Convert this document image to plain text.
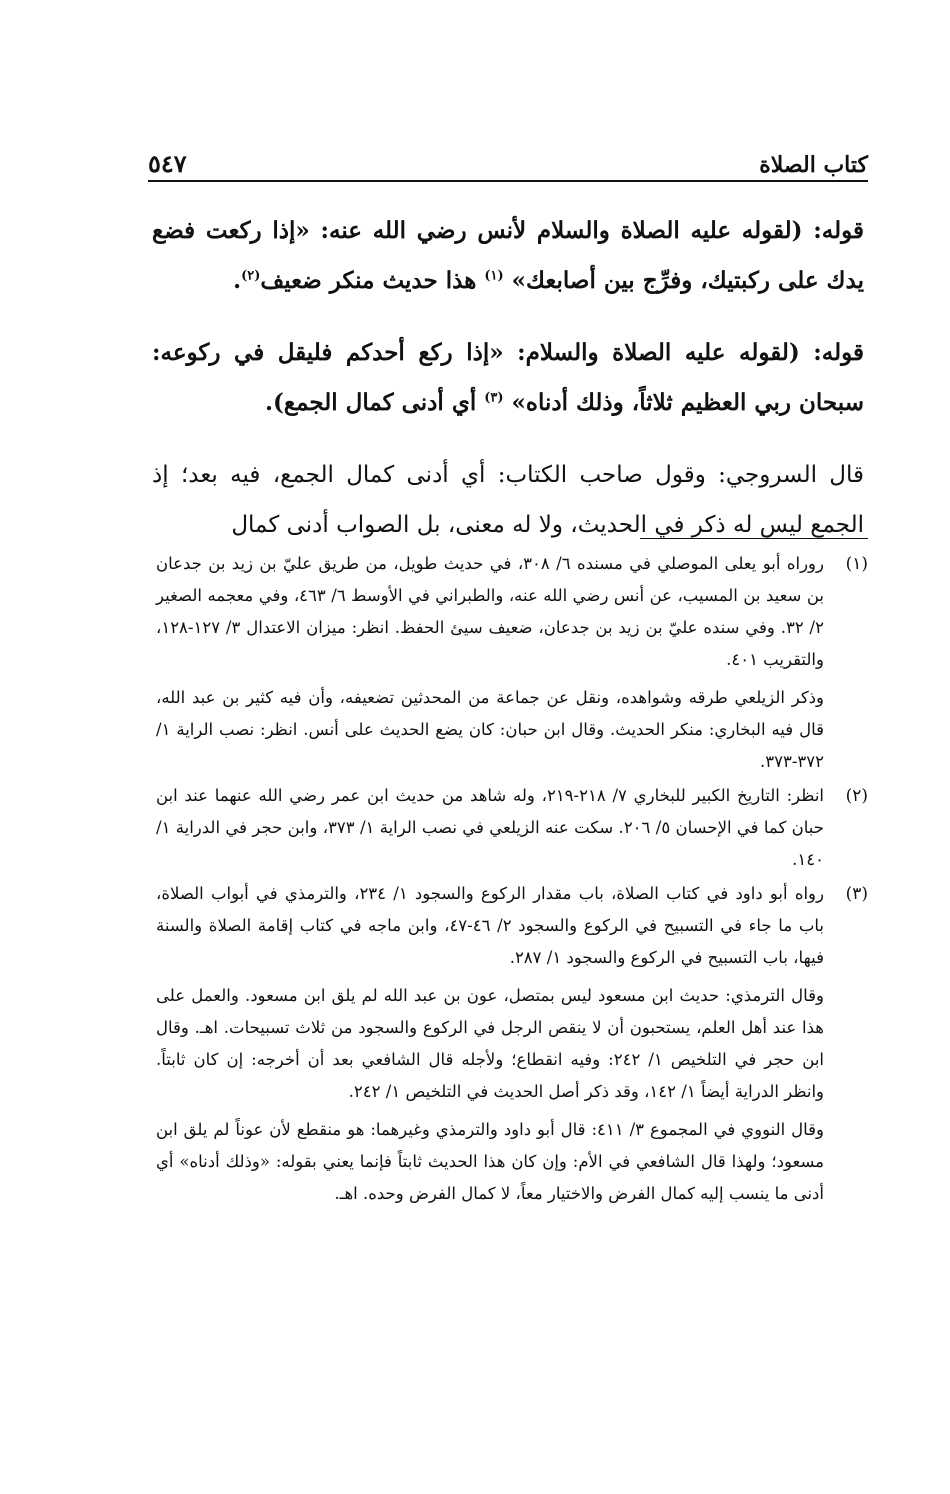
كتاب الصلاة
٥٤٧

قوله: (لقوله عليه الصلاة والسلام لأنس رضي الله عنه: «إذا ركعت فضع يدك على ركبتيك، وفرِّج بين أصابعك» $^{(١)}$ هذا حديث منكر ضعيف$^{(٢)}$.

قوله: (لقوله عليه الصلاة والسلام: «إذا ركع أحدكم فليقل في ركوعه: سبحان ربي العظيم ثلاثاً، وذلك أدناه» $^{(٣)}$ أي أدنى كمال الجمع).

قال السروجي: وقول صاحب الكتاب: أي أدنى كمال الجمع، فيه بعد؛ إذ الجمع ليس له ذكر في الحديث، ولا له معنى، بل الصواب أدنى كمال

(١)

روراه أبو يعلى الموصلي في مسنده ٦/ ٣٠٨، في حديث طويل، من طريق عليّ بن زيد بن جدعان بن سعيد بن المسيب، عن أنس رضي الله عنه، والطبراني في الأوسط ٦/ ٤٦٣، وفي معجمه الصغير ٢/ ٣٢. وفي سنده عليّ بن زيد بن جدعان، ضعيف سيئ الحفظ. انظر: ميزان الاعتدال ٣/ ١٢٧-١٢٨، والتقريب ٤٠١.

وذكر الزيلعي طرقه وشواهده، ونقل عن جماعة من المحدثين تضعيفه، وأن فيه كثير بن عبد الله، قال فيه البخاري: منكر الحديث. وقال ابن حبان: كان يضع الحديث على أنس. انظر: نصب الراية ١/ ٣٧٢-٣٧٣.

(٢)

انظر: التاريخ الكبير للبخاري ٧/ ٢١٨-٢١٩، وله شاهد من حديث ابن عمر رضي الله عنهما عند ابن حبان كما في الإحسان ٥/ ٢٠٦. سكت عنه الزيلعي في نصب الراية ١/ ٣٧٣، وابن حجر في الدراية ١/ ١٤٠.

(٣)

رواه أبو داود في كتاب الصلاة، باب مقدار الركوع والسجود ١/ ٢٣٤، والترمذي في أبواب الصلاة، باب ما جاء في التسبيح في الركوع والسجود ٢/ ٤٦-٤٧، وابن ماجه في كتاب إقامة الصلاة والسنة فيها، باب التسبيح في الركوع والسجود ١/ ٢٨٧.

وقال الترمذي: حديث ابن مسعود ليس بمتصل، عون بن عبد الله لم يلق ابن مسعود. والعمل على هذا عند أهل العلم، يستحبون أن لا ينقص الرجل في الركوع والسجود من ثلاث تسبيحات. اهـ. وقال ابن حجر في التلخيص ١/ ٢٤٢: وفيه انقطاع؛ ولأجله قال الشافعي بعد أن أخرجه: إن كان ثابتاً. وانظر الدراية أيضاً ١/ ١٤٢، وقد ذكر أصل الحديث في التلخيص ١/ ٢٤٢.

وقال النووي في المجموع ٣/ ٤١١: قال أبو داود والترمذي وغيرهما: هو منقطع لأن عوناً لم يلق ابن مسعود؛ ولهذا قال الشافعي في الأم: وإن كان هذا الحديث ثابتاً فإنما يعني بقوله: «وذلك أدناه» أي أدنى ما ينسب إليه كمال الفرض والاختيار معاً، لا كمال الفرض وحده. اهـ.
